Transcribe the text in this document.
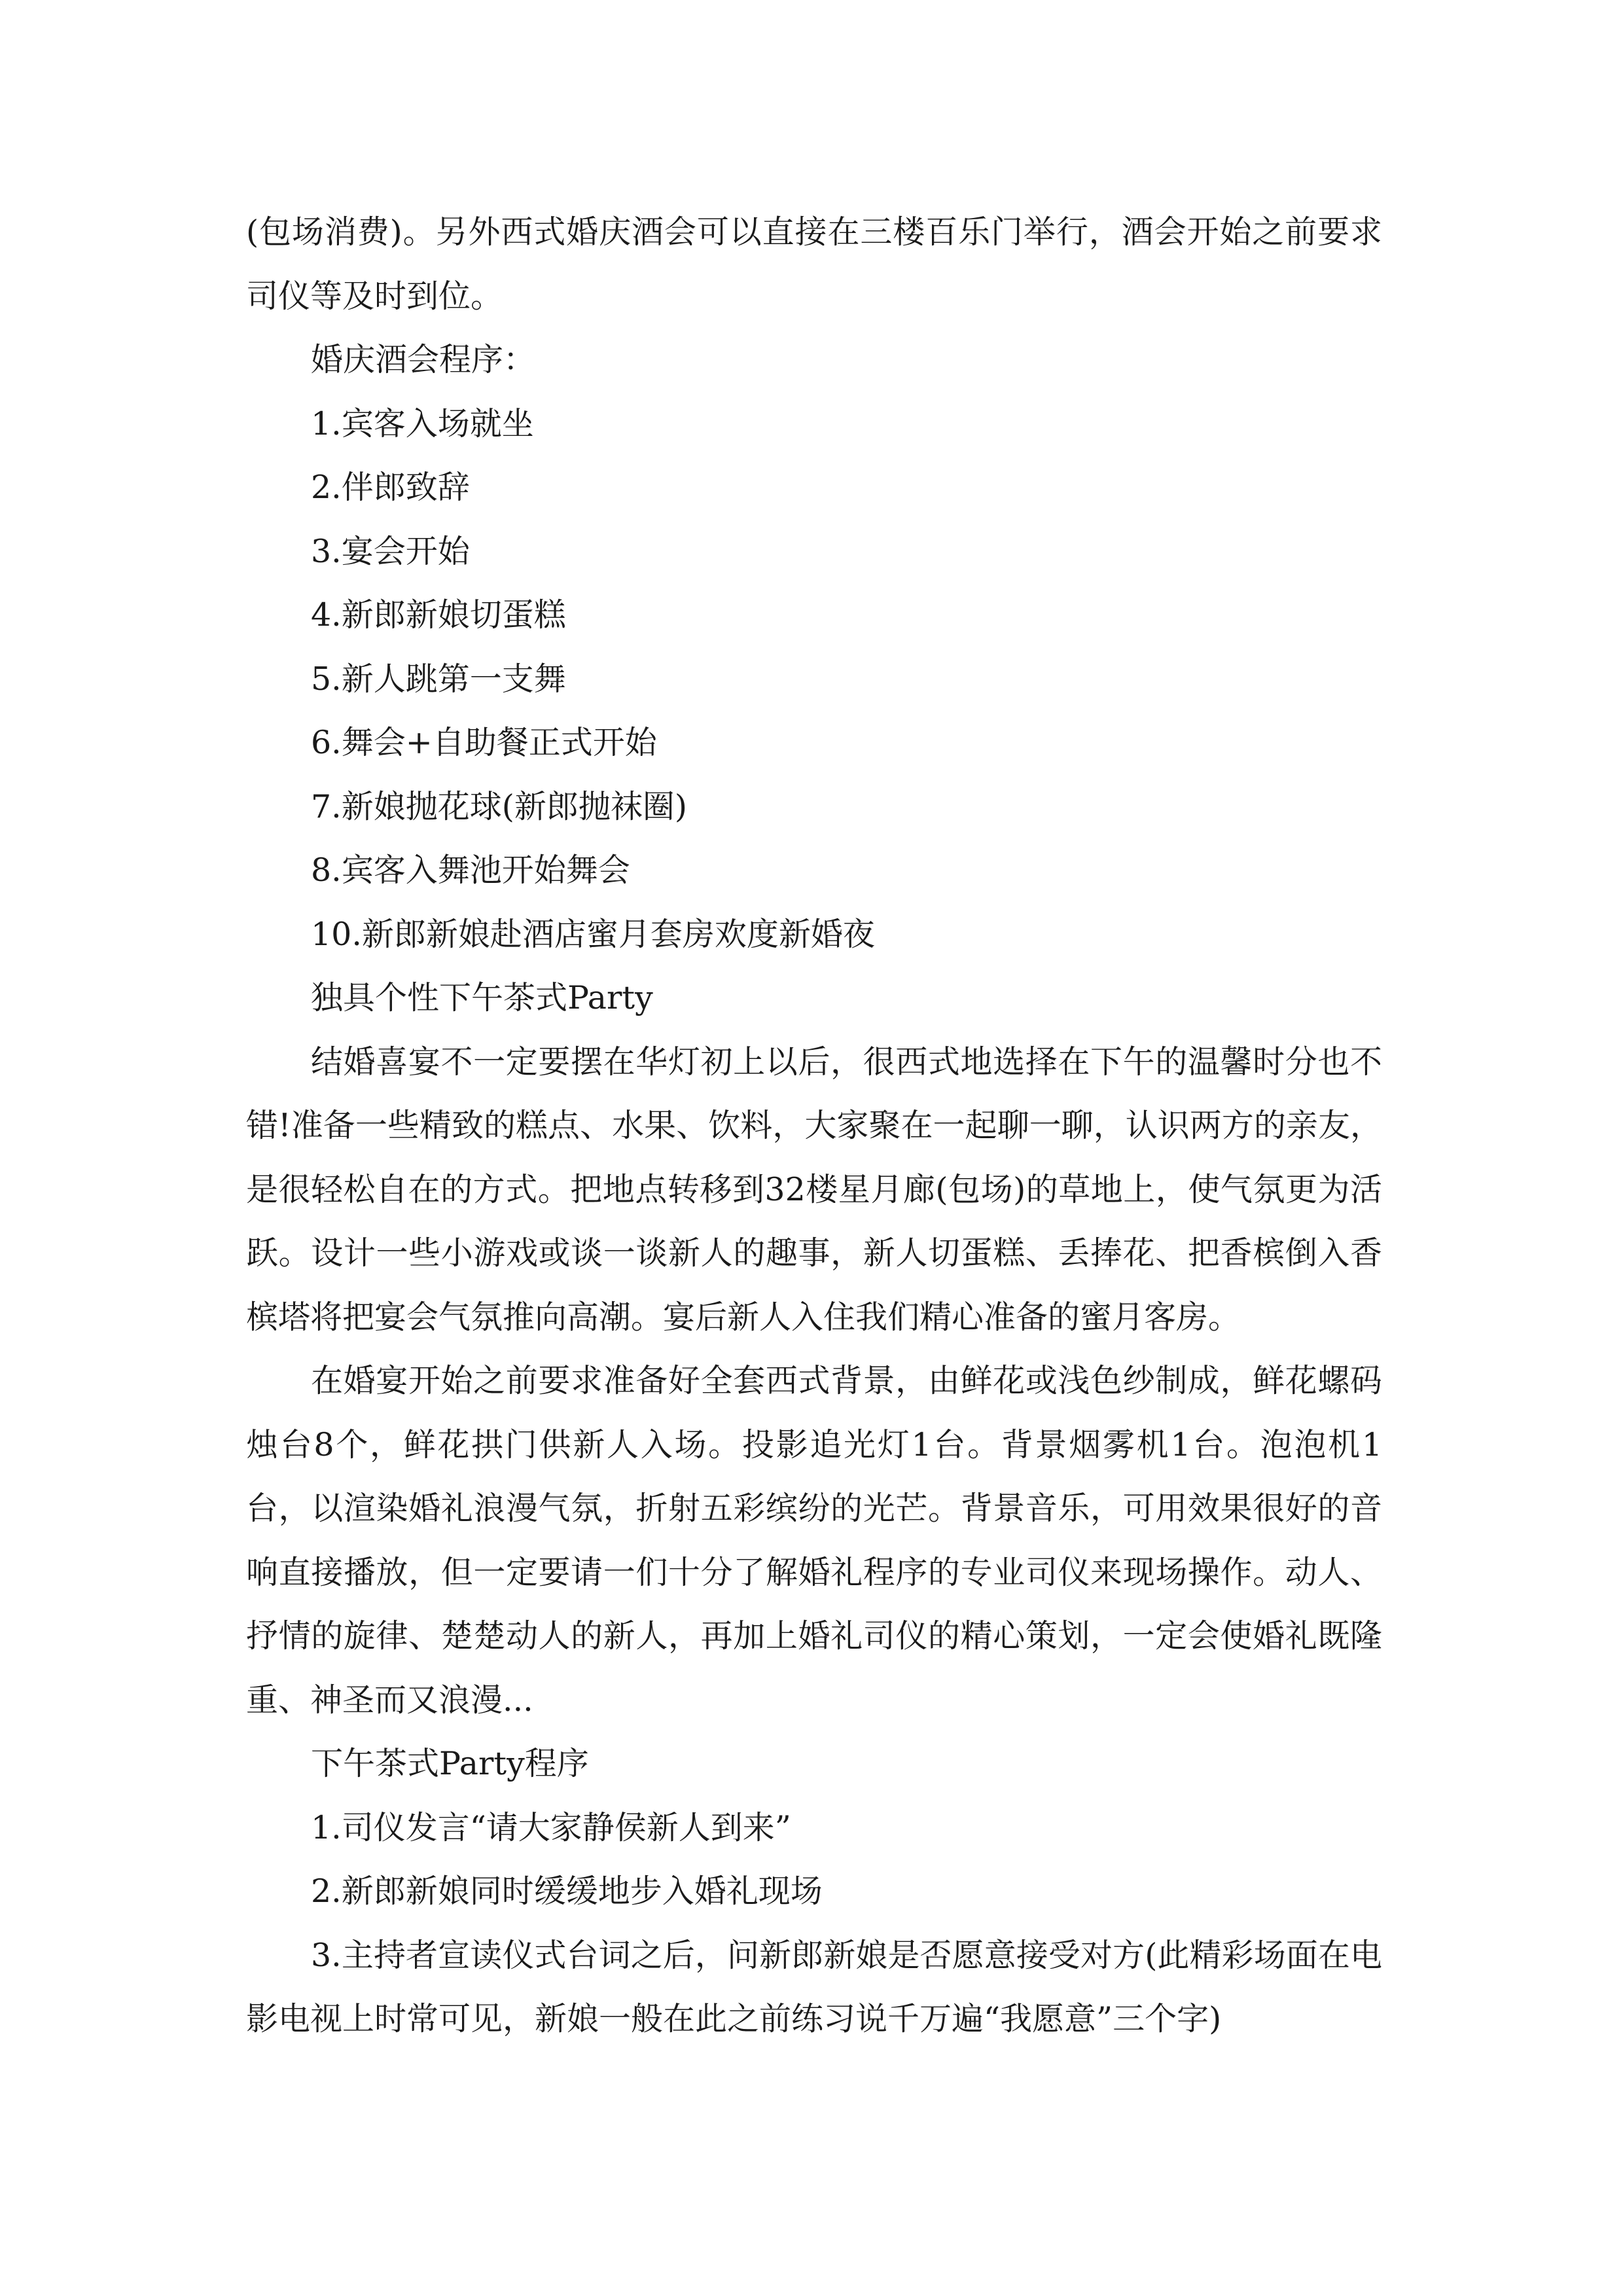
(包场消费)。另外西式婚庆酒会可以直接在三楼百乐门举行，酒会开始之前要求司仪等及时到位。

婚庆酒会程序：

1.宾客入场就坐

2.伴郎致辞

3.宴会开始

4.新郎新娘切蛋糕

5.新人跳第一支舞

6.舞会+自助餐正式开始

7.新娘抛花球(新郎抛袜圈)

8.宾客入舞池开始舞会

10.新郎新娘赴酒店蜜月套房欢度新婚夜

独具个性下午茶式Party

结婚喜宴不一定要摆在华灯初上以后，很西式地选择在下午的温馨时分也不错!准备一些精致的糕点、水果、饮料，大家聚在一起聊一聊，认识两方的亲友，是很轻松自在的方式。把地点转移到32楼星月廊(包场)的草地上，使气氛更为活跃。设计一些小游戏或谈一谈新人的趣事，新人切蛋糕、丢捧花、把香槟倒入香槟塔将把宴会气氛推向高潮。宴后新人入住我们精心准备的蜜月客房。

在婚宴开始之前要求准备好全套西式背景，由鲜花或浅色纱制成，鲜花螺码烛台8个，鲜花拱门供新人入场。投影追光灯1台。背景烟雾机1台。泡泡机1台，以渲染婚礼浪漫气氛，折射五彩缤纷的光芒。背景音乐，可用效果很好的音响直接播放，但一定要请一们十分了解婚礼程序的专业司仪来现场操作。动人、抒情的旋律、楚楚动人的新人，再加上婚礼司仪的精心策划，一定会使婚礼既隆重、神圣而又浪漫...

下午茶式Party程序

1.司仪发言“请大家静侯新人到来”

2.新郎新娘同时缓缓地步入婚礼现场

3.主持者宣读仪式台词之后，问新郎新娘是否愿意接受对方(此精彩场面在电影电视上时常可见，新娘一般在此之前练习说千万遍“我愿意”三个字)
